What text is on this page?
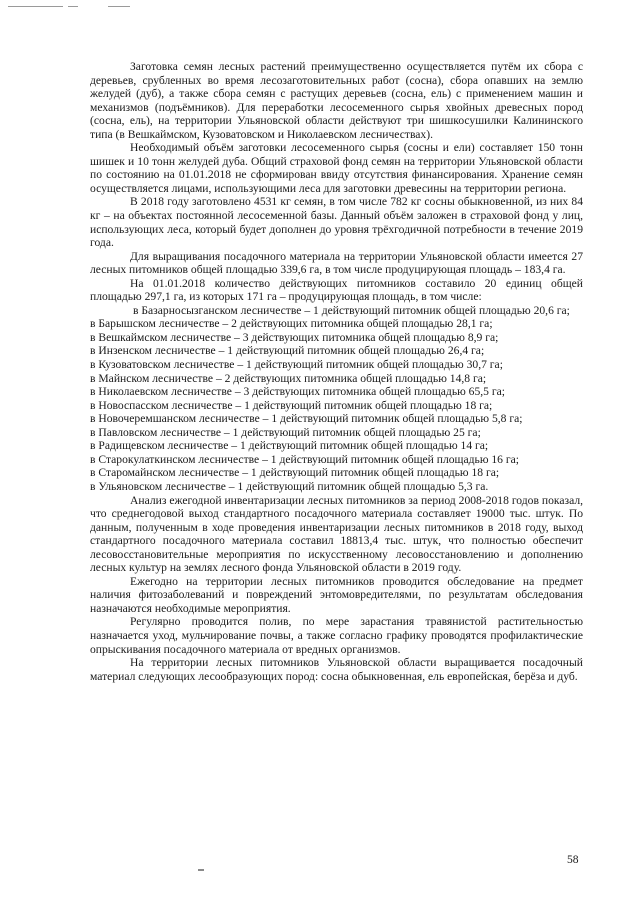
Заготовка семян лесных растений преимущественно осуществляется путём их сбора с деревьев, срубленных во время лесозаготовительных работ (сосна), сбора опавших на землю желудей (дуб), а также сбора семян с растущих деревьев (сосна, ель) с применением машин и механизмов (подъёмников). Для переработки лесосеменного сырья хвойных древесных пород (сосна, ель), на территории Ульяновской области действуют три шишкосушилки Калининского типа (в Вешкаймском, Кузоватовском и Николаевском лесничествах).

Необходимый объём заготовки лесосеменного сырья (сосны и ели) составляет 150 тонн шишек и 10 тонн желудей дуба. Общий страховой фонд семян на территории Ульяновской области по состоянию на 01.01.2018 не сформирован ввиду отсутствия финансирования. Хранение семян осуществляется лицами, использующими леса для заготовки древесины на территории региона.

В 2018 году заготовлено 4531 кг семян, в том числе 782 кг сосны обыкновенной, из них 84 кг – на объектах постоянной лесосеменной базы. Данный объём заложен в страховой фонд у лиц, использующих леса, который будет дополнен до уровня трёхгодичной потребности в течение 2019 года.

Для выращивания посадочного материала на территории Ульяновской области имеется 27 лесных питомников общей площадью 339,6 га, в том числе продуцирующая площадь – 183,4 га.

На 01.01.2018 количество действующих питомников составило 20 единиц общей площадью 297,1 га, из которых 171 га – продуцирующая площадь, в том числе:

в Базарносызганском лесничестве – 1 действующий питомник общей площадью 20,6 га;

в Барышском лесничестве – 2 действующих питомника общей площадью 28,1 га;

в Вешкаймском лесничестве – 3 действующих питомника общей площадью 8,9 га;

в Инзенском лесничестве – 1 действующий питомник общей площадью 26,4 га;

в Кузоватовском лесничестве – 1 действующий питомник общей площадью 30,7 га;

в Майнском лесничестве – 2 действующих питомника общей площадью 14,8 га;

в Николаевском лесничестве – 3 действующих питомника общей площадью 65,5 га;

в Новоспасском лесничестве – 1 действующий питомник общей площадью 18 га;

в Новочеремшанском лесничестве – 1 действующий питомник общей площадью 5,8 га;

в Павловском лесничестве – 1 действующий питомник общей площадью 25 га;

в Радищевском лесничестве – 1 действующий питомник общей площадью 14 га;

в Старокулаткинском лесничестве – 1 действующий питомник общей площадью 16 га;

в Старомайнском лесничестве – 1 действующий питомник общей площадью 18 га;

в Ульяновском лесничестве – 1 действующий питомник общей площадью 5,3 га.

Анализ ежегодной инвентаризации лесных питомников за период 2008-2018 годов показал, что среднегодовой выход стандартного посадочного материала составляет 19000 тыс. штук. По данным, полученным в ходе проведения инвентаризации лесных питомников в 2018 году, выход стандартного посадочного материала составил 18813,4 тыс. штук, что полностью обеспечит лесовосстановительные мероприятия по искусственному лесовосстановлению и дополнению лесных культур на землях лесного фонда Ульяновской области в 2019 году.

Ежегодно на территории лесных питомников проводится обследование на предмет наличия фитозаболеваний и повреждений энтомовредителями, по результатам обследования назначаются необходимые мероприятия.

Регулярно проводится полив, по мере зарастания травянистой растительностью назначается уход, мульчирование почвы, а также согласно графику проводятся профилактические опрыскивания посадочного материала от вредных организмов.

На территории лесных питомников Ульяновской области выращивается посадочный материал следующих лесообразующих пород: сосна обыкновенная, ель европейская, берёза и дуб.

58
